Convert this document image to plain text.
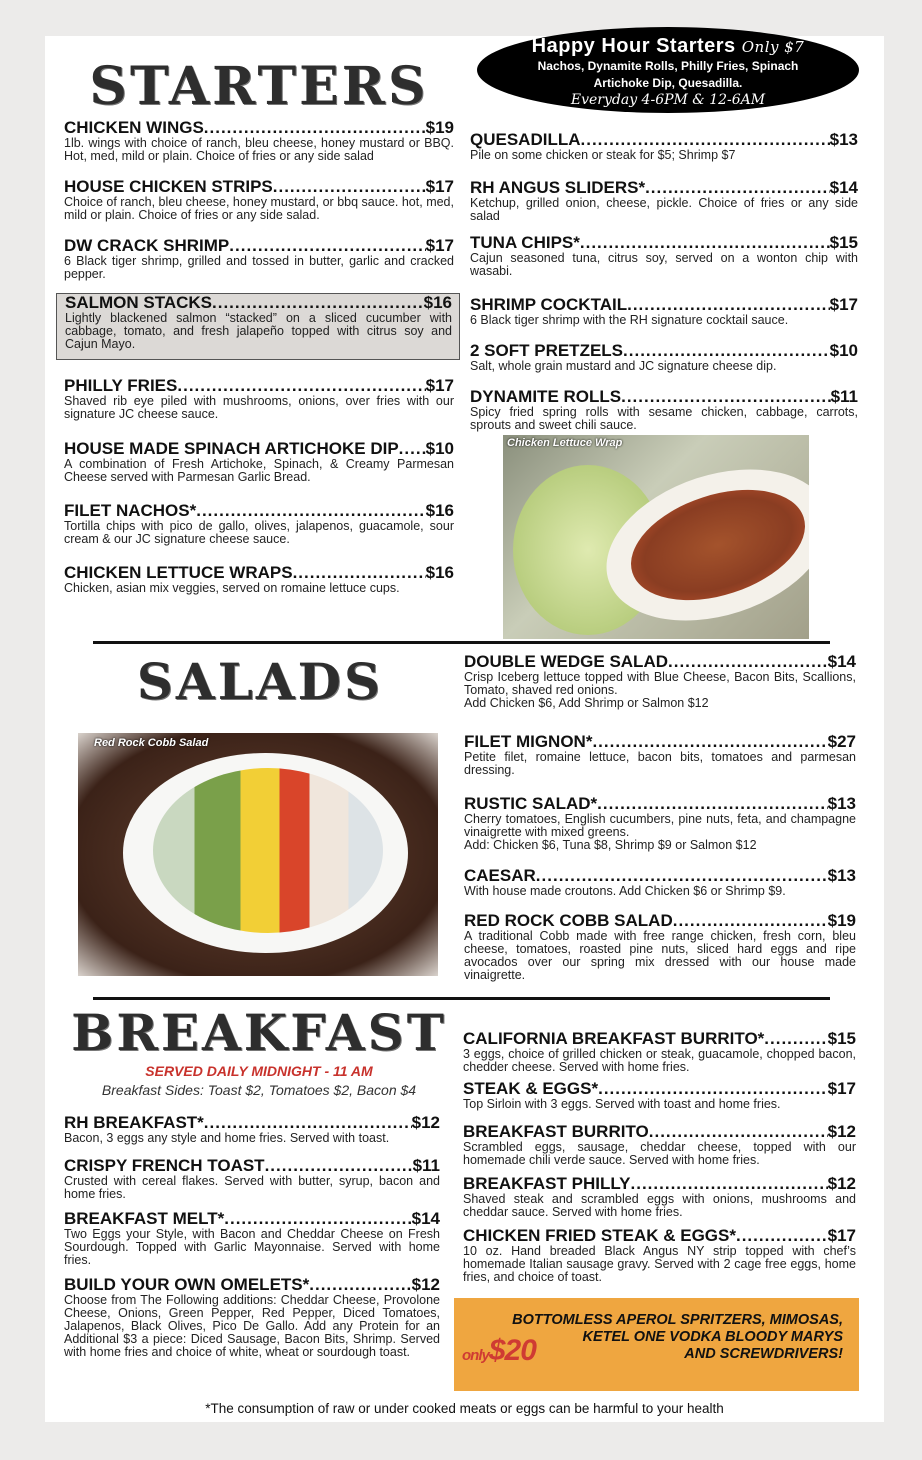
Happy Hour Starters Only $7
Nachos, Dynamite Rolls, Philly Fries, Spinach
Artichoke Dip, Quesadilla.
Everyday 4-6PM & 12-6AM
STARTERS
SALADS
BREAKFAST
CHICKEN WINGS .....	$19
1lb. wings with choice of ranch, bleu cheese, honey mustard or BBQ. Hot, med, mild or plain. Choice of fries or any side salad
HOUSE CHICKEN STRIPS .....	$17
Choice of ranch, bleu cheese, honey mustard, or bbq sauce. hot, med, mild or plain. Choice of fries or any side salad.
DW CRACK SHRIMP .....	$17
6 Black tiger shrimp, grilled and tossed in butter, garlic and cracked pepper.
SALMON STACKS .....	$16
Lightly blackened salmon “stacked” on a sliced cucumber with cabbage, tomato, and fresh jalapeño topped with citrus soy and Cajun Mayo.
PHILLY FRIES .....	$17
Shaved rib eye piled with mushrooms, onions, over fries with our signature JC cheese sauce.
HOUSE MADE SPINACH ARTICHOKE DIP ..... $10
A combination of Fresh Artichoke, Spinach, & Creamy Parmesan Cheese served with Parmesan Garlic Bread.
FILET NACHOS* .....	$16
Tortilla chips with pico de gallo, olives, jalapenos, guacamole, sour cream & our JC signature cheese sauce.
CHICKEN LETTUCE WRAPS .....	$16
Chicken, asian mix veggies, served on romaine lettuce cups.
QUESADILLA .....	$13
Pile on some chicken or steak for $5; Shrimp $7
RH ANGUS SLIDERS* .....	$14
Ketchup, grilled onion, cheese, pickle. Choice of fries or any side salad
TUNA CHIPS* .....	$15
Cajun seasoned tuna, citrus soy, served on a wonton chip with wasabi.
SHRIMP COCKTAIL .....	$17
6 Black tiger shrimp with the RH signature cocktail sauce.
2 SOFT PRETZELS .....	$10
Salt, whole grain mustard and JC signature cheese dip.
DYNAMITE ROLLS .....	$11
Spicy fried spring rolls with sesame chicken, cabbage, carrots, sprouts and sweet chili sauce.
DOUBLE WEDGE SALAD .....	$14
Crisp Iceberg lettuce topped with Blue Cheese, Bacon Bits, Scallions, Tomato, shaved red onions.
Add Chicken $6, Add Shrimp or Salmon $12
FILET MIGNON* .....	$27
Petite filet, romaine lettuce, bacon bits, tomatoes and parmesan dressing.
RUSTIC SALAD* .....	$13
Cherry tomatoes, English cucumbers, pine nuts, feta, and champagne vinaigrette with mixed greens.
Add: Chicken $6, Tuna $8, Shrimp $9 or Salmon $12
CAESAR .....	$13
With house made croutons. Add Chicken $6 or Shrimp $9.
RED ROCK COBB SALAD .....	$19
A traditional Cobb made with free range chicken, fresh corn, bleu cheese, tomatoes, roasted pine nuts, sliced hard eggs and ripe avocados over our spring mix dressed with our house made vinaigrette.
RH BREAKFAST* .....	$12
Bacon, 3 eggs any style and home fries. Served with toast.
CRISPY FRENCH TOAST .....	$11
Crusted with cereal flakes. Served with butter, syrup, bacon and home fries.
BREAKFAST MELT* .....	$14
Two Eggs your Style, with Bacon and Cheddar Cheese on Fresh Sourdough. Topped with Garlic Mayonnaise. Served with home fries.
BUILD YOUR OWN OMELETS* .....	$12
Choose from The Following additions: Cheddar Cheese, Provolone Cheese, Onions, Green Pepper, Red Pepper, Diced Tomatoes, Jalapenos, Black Olives, Pico De Gallo. Add any Protein for an Additional $3 a piece: Diced Sausage, Bacon Bits, Shrimp. Served with home fries and choice of white, wheat or sourdough toast.
CALIFORNIA BREAKFAST BURRITO* .....	$15
3 eggs, choice of grilled chicken or steak, guacamole, chopped bacon, chedder cheese. Served with home fries.
STEAK & EGGS* .....	$17
Top Sirloin with 3 eggs. Served with toast and home fries.
BREAKFAST BURRITO .....	$12
Scrambled eggs, sausage, cheddar cheese, topped with our homemade chili verde sauce. Served with home fries.
BREAKFAST PHILLY .....	$12
Shaved steak and scrambled eggs with onions, mushrooms and cheddar sauce. Served with home fries.
CHICKEN FRIED STEAK & EGGS* .....	$17
10 oz. Hand breaded Black Angus NY strip topped with chef’s homemade Italian sausage gravy. Served with 2 cage free eggs, home fries, and choice of toast.
Chicken Lettuce Wrap
Red Rock Cobb Salad
SERVED DAILY MIDNIGHT - 11 AM
Breakfast Sides: Toast $2, Tomatoes $2, Bacon $4
only$20
BOTTOMLESS APEROL SPRITZERS, MIMOSAS,
KETEL ONE VODKA BLOODY MARYS
AND SCREWDRIVERS!
*The consumption of raw or under cooked meats or eggs can be harmful to your health
